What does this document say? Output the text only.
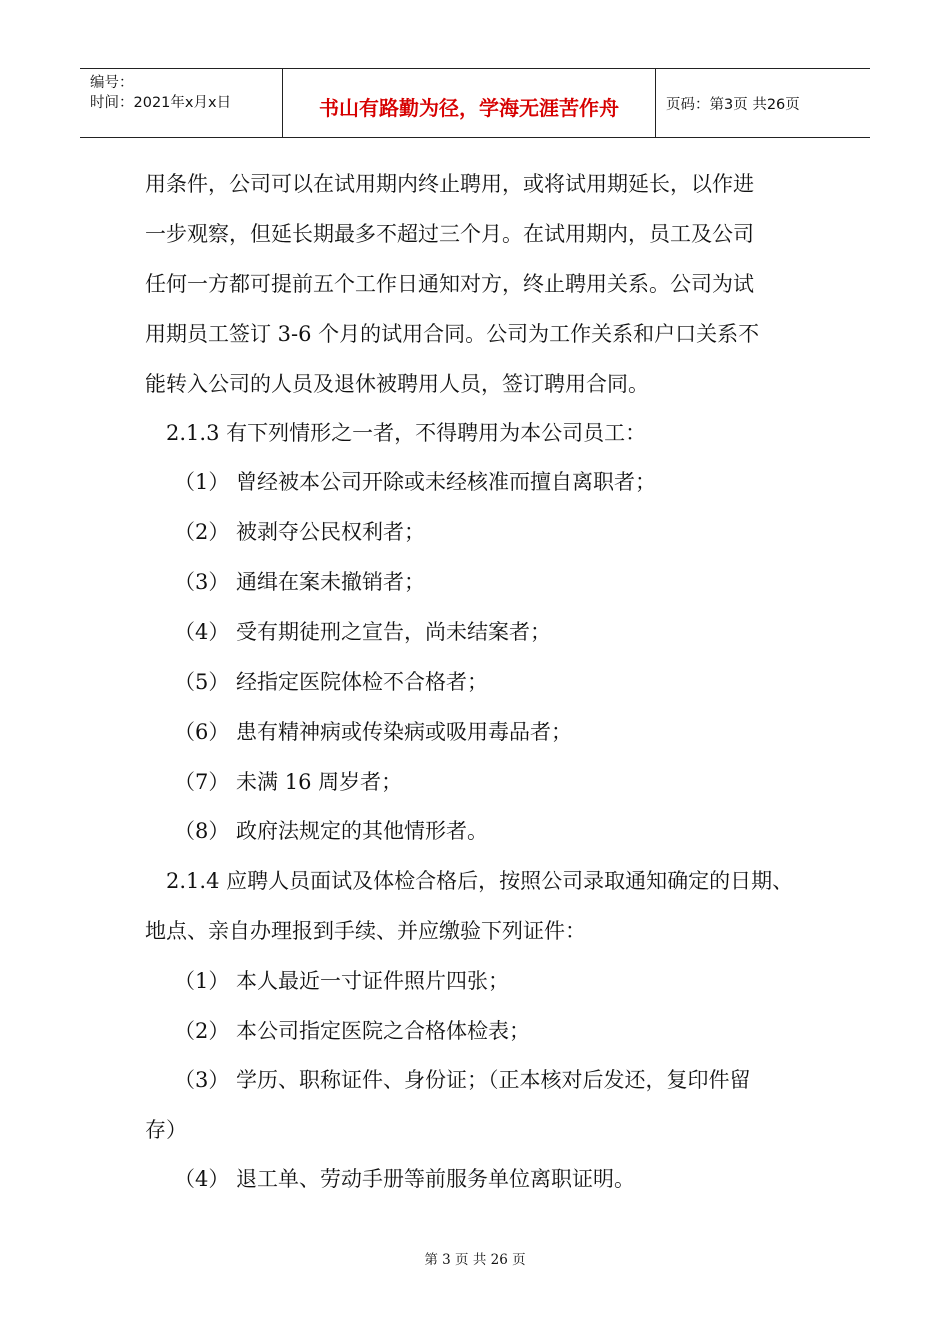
编号：
时间：2021年x月x日	书山有路勤为径，学海无涯苦作舟	页码：第3页 共26页
用条件，公司可以在试用期内终止聘用，或将试用期延长，以作进
一步观察，但延长期最多不超过三个月。在试用期内，员工及公司
任何一方都可提前五个工作日通知对方，终止聘用关系。公司为试
用期员工签订 3-6 个月的试用合同。公司为工作关系和户口关系不
能转入公司的人员及退休被聘用人员，签订聘用合同。
2.1.3 有下列情形之一者，不得聘用为本公司员工：
（1） 曾经被本公司开除或未经核准而擅自离职者；
（2） 被剥夺公民权利者；
（3） 通缉在案未撤销者；
（4） 受有期徒刑之宣告，尚未结案者；
（5） 经指定医院体检不合格者；
（6） 患有精神病或传染病或吸用毒品者；
（7） 未满 16 周岁者；
（8） 政府法规定的其他情形者。
2.1.4 应聘人员面试及体检合格后，按照公司录取通知确定的日期、
地点、亲自办理报到手续、并应缴验下列证件：
（1） 本人最近一寸证件照片四张；
（2） 本公司指定医院之合格体检表；
（3） 学历、职称证件、身份证；（正本核对后发还，复印件留
存）
（4） 退工单、劳动手册等前服务单位离职证明。
第 3 页 共 26 页
